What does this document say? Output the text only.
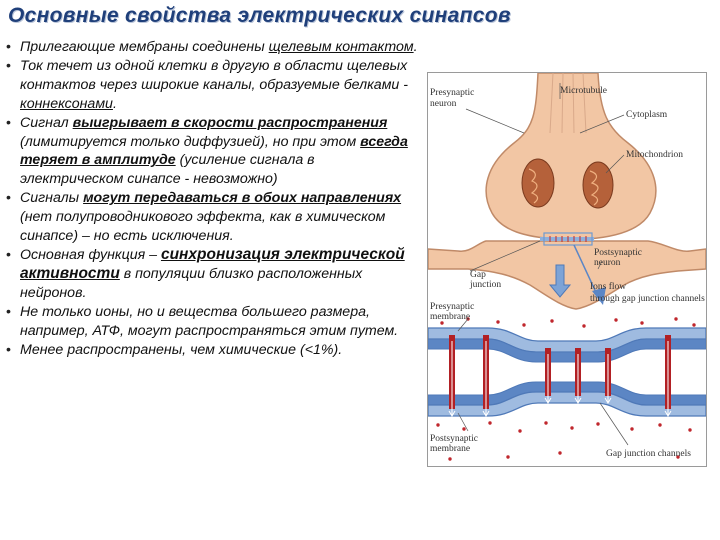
Основные свойства электрических синапсов
• Прилегающие мембраны соединены щелевым контактом.
• Ток течет из одной клетки в другую в области щелевых контактов через широкие каналы, образуемые белками - коннексонами.
• Сигнал выигрывает в скорости распространения (лимитируется только диффузией), но при этом всегда теряет в амплитуде (усиление сигнала в электрическом синапсе - невозможно)
• Сигналы могут передаваться в обоих направлениях (нет полупроводникового эффекта, как в химическом синапсе) – но есть исключения.
• Основная функция – синхронизация электрической активности в популяции близко расположенных нейронов.
• Не только ионы, но и вещества большего размера, например, АТФ, могут распространяться этим путем.
• Менее распространены, чем химические (<1%).
Presynaptic
neuron
Microtubule
Cytoplasm
Mitochondrion
Postsynaptic
neuron
Gap
junction	Ions flow
through gap junction channels
Presynaptic
membrane
Postsynaptic
membrane	Gap junction channels
